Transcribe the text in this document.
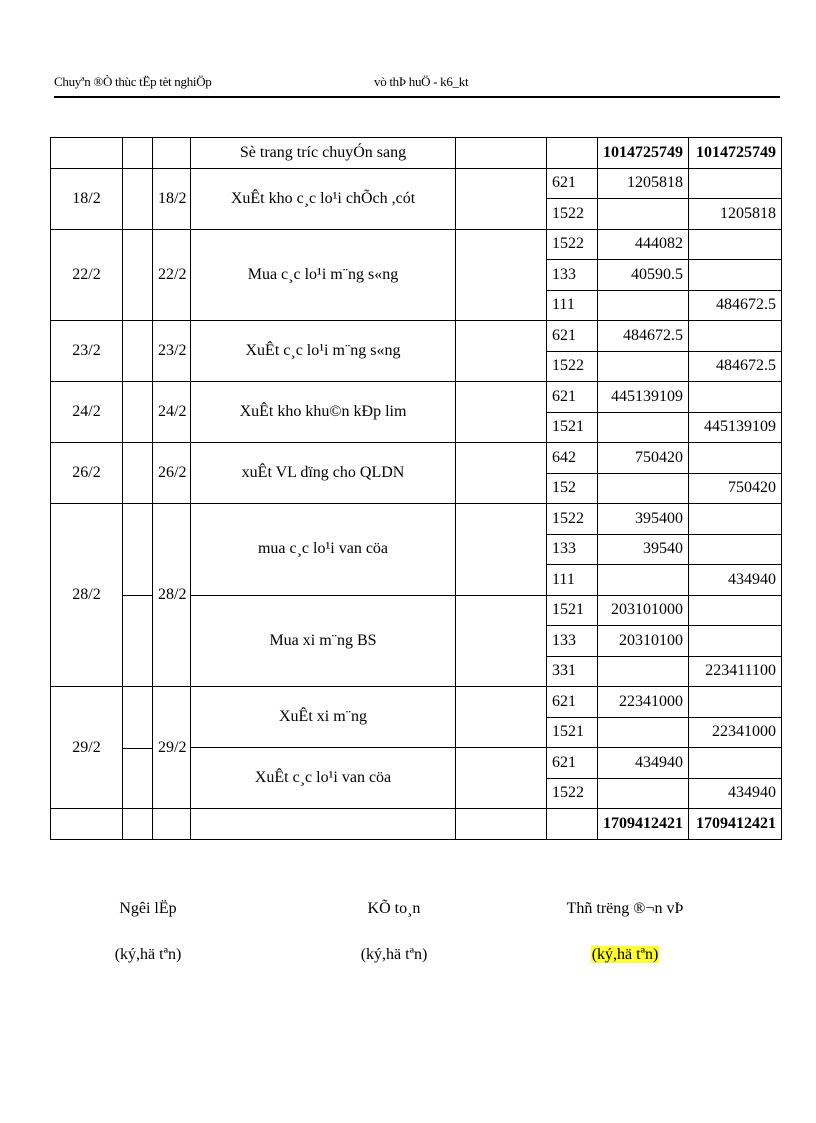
Chuyªn ®Ò thùc tËp tèt nghiÖp	vò thÞ huÖ - k6_kt
			Sè trang tríc chuyÓn sang			1014725749	1014725749
18/2		18/2	XuÊt kho c¸c lo¹i chÕch ,cót		621	1205818	
					1522		1205818
22/2		22/2	Mua c¸c lo¹i m¨ng s«ng		1522	444082	
					133	40590.5	
					111		484672.5
23/2		23/2	XuÊt c¸c lo¹i m¨ng s«ng		621	484672.5	
					1522		484672.5
24/2		24/2	XuÊt kho khu©n kÐp lim		621	445139109	
					1521		445139109
26/2		26/2	xuÊt VL dïng cho QLDN		642	750420	
					152		750420
28/2		28/2	mua c¸c lo¹i van cöa		1522	395400	
					133	39540	
					111		434940
			Mua xi m¨ng BS		1521	203101000	
					133	20310100	
					331		223411100
29/2		29/2	XuÊt xi m¨ng		621	22341000	
					1521		22341000
			XuÊt c¸c lo¹i van cöa		621	434940	
					1522		434940
						1709412421	1709412421
Ngêi lËp
(ký,hä tªn)
KÕ to¸n
(ký,hä tªn)
Thñ trëng ®¬n vÞ
(ký,hä tªn)
